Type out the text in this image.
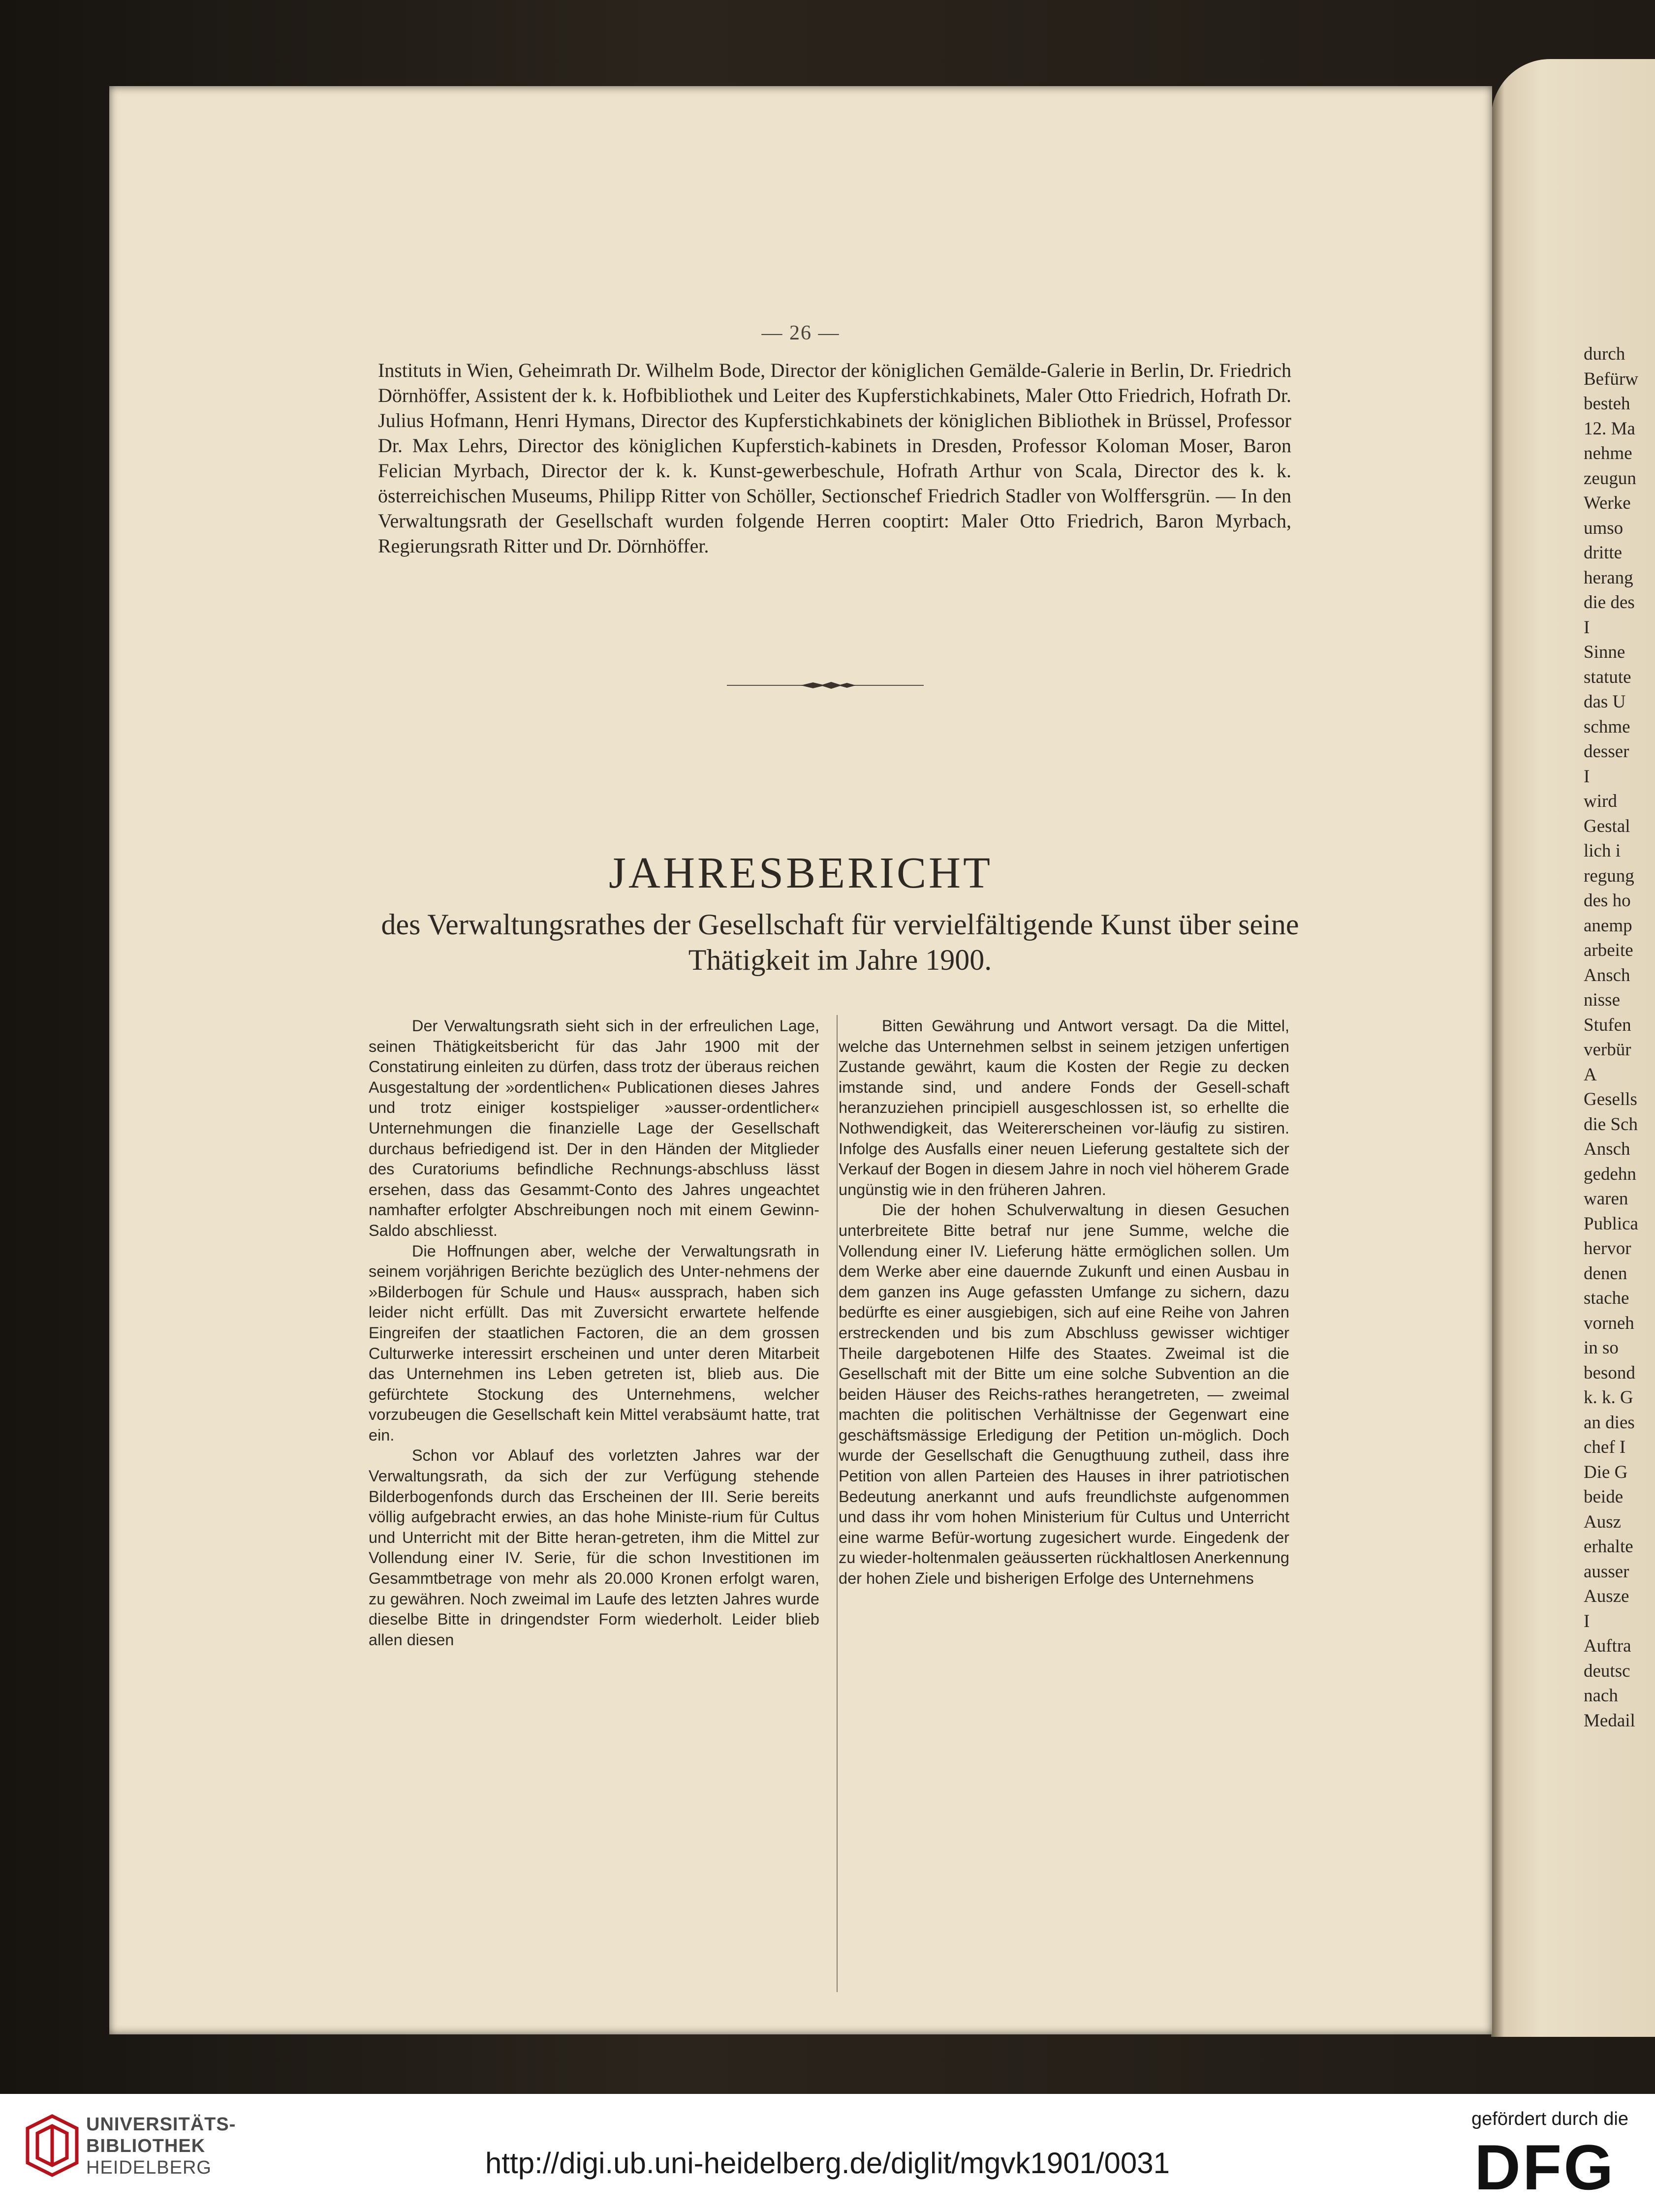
durch
Befürw
besteh
12. Ma
nehme
zeugun
Werke
umso
dritte
herang
die des
I
Sinne
statute
das U
schme
desser
I
wird
Gestal
lich i
regung
des ho
anemp
arbeite
Ansch
nisse
Stufen
verbür
A
Gesells
die Sch
Ansch
gedehn
waren
Publica
hervor
denen
stache
vorneh
in so
besond
k. k. G
an dies
chef I
Die G
beide
Ausz
erhalte
ausser
Ausze
I
Auftra
deutsc
nach
Medail
— 26 —
Instituts in Wien, Geheimrath Dr. Wilhelm Bode, Director der königlichen Gemälde-Galerie in Berlin, Dr. Friedrich Dörnhöffer, Assistent der k. k. Hofbibliothek und Leiter des Kupferstichkabinets, Maler Otto Friedrich, Hofrath Dr. Julius Hofmann, Henri Hymans, Director des Kupferstichkabinets der königlichen Bibliothek in Brüssel, Professor Dr. Max Lehrs, Director des königlichen Kupferstich-kabinets in Dresden, Professor Koloman Moser, Baron Felician Myrbach, Director der k. k. Kunst-gewerbeschule, Hofrath Arthur von Scala, Director des k. k. österreichischen Museums, Philipp Ritter von Schöller, Sectionschef Friedrich Stadler von Wolffersgrün. — In den Verwaltungsrath der Gesellschaft wurden folgende Herren cooptirt: Maler Otto Friedrich, Baron Myrbach, Regierungsrath Ritter und Dr. Dörnhöffer.
JAHRESBERICHT
des Verwaltungsrathes der Gesellschaft für vervielfältigende Kunst über seine Thätigkeit im Jahre 1900.

Der Verwaltungsrath sieht sich in der erfreulichen Lage, seinen Thätigkeitsbericht für das Jahr 1900 mit der Constatirung einleiten zu dürfen, dass trotz der überaus reichen Ausgestaltung der »ordentlichen« Publicationen dieses Jahres und trotz einiger kostspieliger »ausser-ordentlicher« Unternehmungen die finanzielle Lage der Gesellschaft durchaus befriedigend ist. Der in den Händen der Mitglieder des Curatoriums befindliche Rechnungs-abschluss lässt ersehen, dass das Gesammt-Conto des Jahres ungeachtet namhafter erfolgter Abschreibungen noch mit einem Gewinn-Saldo abschliesst.

Die Hoffnungen aber, welche der Verwaltungsrath in seinem vorjährigen Berichte bezüglich des Unter-nehmens der »Bilderbogen für Schule und Haus« aussprach, haben sich leider nicht erfüllt. Das mit Zuversicht erwartete helfende Eingreifen der staatlichen Factoren, die an dem grossen Culturwerke interessirt erscheinen und unter deren Mitarbeit das Unternehmen ins Leben getreten ist, blieb aus. Die gefürchtete Stockung des Unternehmens, welcher vorzubeugen die Gesellschaft kein Mittel verabsäumt hatte, trat ein.

Schon vor Ablauf des vorletzten Jahres war der Verwaltungsrath, da sich der zur Verfügung stehende Bilderbogenfonds durch das Erscheinen der III. Serie bereits völlig aufgebracht erwies, an das hohe Ministe-rium für Cultus und Unterricht mit der Bitte heran-getreten, ihm die Mittel zur Vollendung einer IV. Serie, für die schon Investitionen im Gesammtbetrage von mehr als 20.000 Kronen erfolgt waren, zu gewähren. Noch zweimal im Laufe des letzten Jahres wurde dieselbe Bitte in dringendster Form wiederholt. Leider blieb allen diesen

Bitten Gewährung und Antwort versagt. Da die Mittel, welche das Unternehmen selbst in seinem jetzigen unfertigen Zustande gewährt, kaum die Kosten der Regie zu decken imstande sind, und andere Fonds der Gesell-schaft heranzuziehen principiell ausgeschlossen ist, so erhellte die Nothwendigkeit, das Weitererscheinen vor-läufig zu sistiren. Infolge des Ausfalls einer neuen Lieferung gestaltete sich der Verkauf der Bogen in diesem Jahre in noch viel höherem Grade ungünstig wie in den früheren Jahren.

Die der hohen Schulverwaltung in diesen Gesuchen unterbreitete Bitte betraf nur jene Summe, welche die Vollendung einer IV. Lieferung hätte ermöglichen sollen. Um dem Werke aber eine dauernde Zukunft und einen Ausbau in dem ganzen ins Auge gefassten Umfange zu sichern, dazu bedürfte es einer ausgiebigen, sich auf eine Reihe von Jahren erstreckenden und bis zum Abschluss gewisser wichtiger Theile dargebotenen Hilfe des Staates. Zweimal ist die Gesellschaft mit der Bitte um eine solche Subvention an die beiden Häuser des Reichs-rathes herangetreten, — zweimal machten die politischen Verhältnisse der Gegenwart eine geschäftsmässige Erledigung der Petition un-möglich. Doch wurde der Gesellschaft die Genugthuung zutheil, dass ihre Petition von allen Parteien des Hauses in ihrer patriotischen Bedeutung anerkannt und aufs freundlichste aufgenommen und dass ihr vom hohen Ministerium für Cultus und Unterricht eine warme Befür-wortung zugesichert wurde. Eingedenk der zu wieder-holtenmalen geäusserten rückhaltlosen Anerkennung der hohen Ziele und bisherigen Erfolge des Unternehmens

UNIVERSITÄTS-
BIBLIOTHEK
HEIDELBERG	http://digi.ub.uni-heidelberg.de/diglit/mgvk1901/0031
gefördert durch die
DFG
